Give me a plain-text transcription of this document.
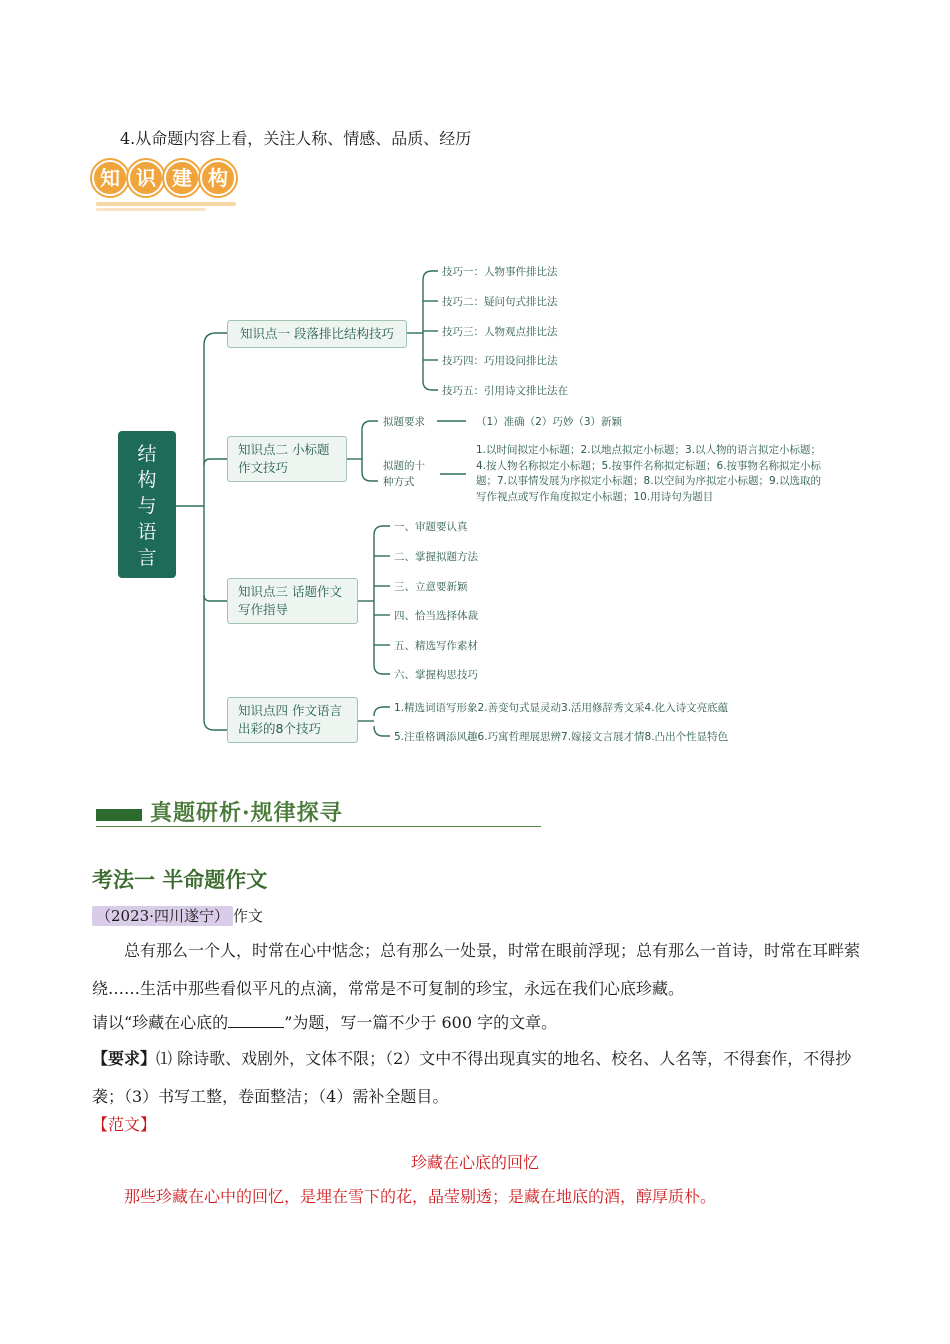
4.从命题内容上看，关注人称、情感、品质、经历
知 识 建 构
结
构
与
语
言
知识点一 段落排比结构技巧
技巧一：人物事件排比法
技巧二：疑问句式排比法
技巧三：人物观点排比法
技巧四：巧用设问排比法
技巧五：引用诗文排比法在
知识点二 小标题
作文技巧
拟题要求	（1）准确（2）巧妙（3）新颖
拟题的十
种方式
1.以时间拟定小标题；2.以地点拟定小标题；3.以人物的语言拟定小标题；4.按人物名称拟定小标题；5.按事件名称拟定标题；6.按事物名称拟定小标题；7.以事情发展为序拟定小标题；8.以空间为序拟定小标题；9.以选取的写作视点或写作角度拟定小标题；10.用诗句为题目
知识点三 话题作文
写作指导
一、审题要认真
二、掌握拟题方法
三、立意要新颖
四、恰当选择体裁
五、精选写作素材
六、掌握构思技巧
知识点四 作文语言
出彩的8个技巧
1.精选词语写形象2.善变句式显灵动3.活用修辞秀文采4.化入诗文亮底蕴
5.注重格调添风趣6.巧寓哲理展思辨7.嫁接文言展才情8.凸出个性显特色
真题研析·规律探寻
考法一 半命题作文
（2023·四川遂宁） 作文
总有那么一个人，时常在心中惦念；总有那么一处景，时常在眼前浮现；总有那么一首诗，时常在耳畔萦绕……生活中那些看似平凡的点滴，常常是不可复制的珍宝，永远在我们心底珍藏。
请以“珍藏在心底的	”为题，写一篇不少于 600 字的文章。
【要求】⑴ 除诗歌、戏剧外，文体不限；（2）文中不得出现真实的地名、校名、人名等，不得套作，不得抄袭；（3）书写工整，卷面整洁；（4）需补全题目。
【范文】
珍藏在心底的回忆
那些珍藏在心中的回忆，是埋在雪下的花，晶莹剔透；是藏在地底的酒，醇厚质朴。
